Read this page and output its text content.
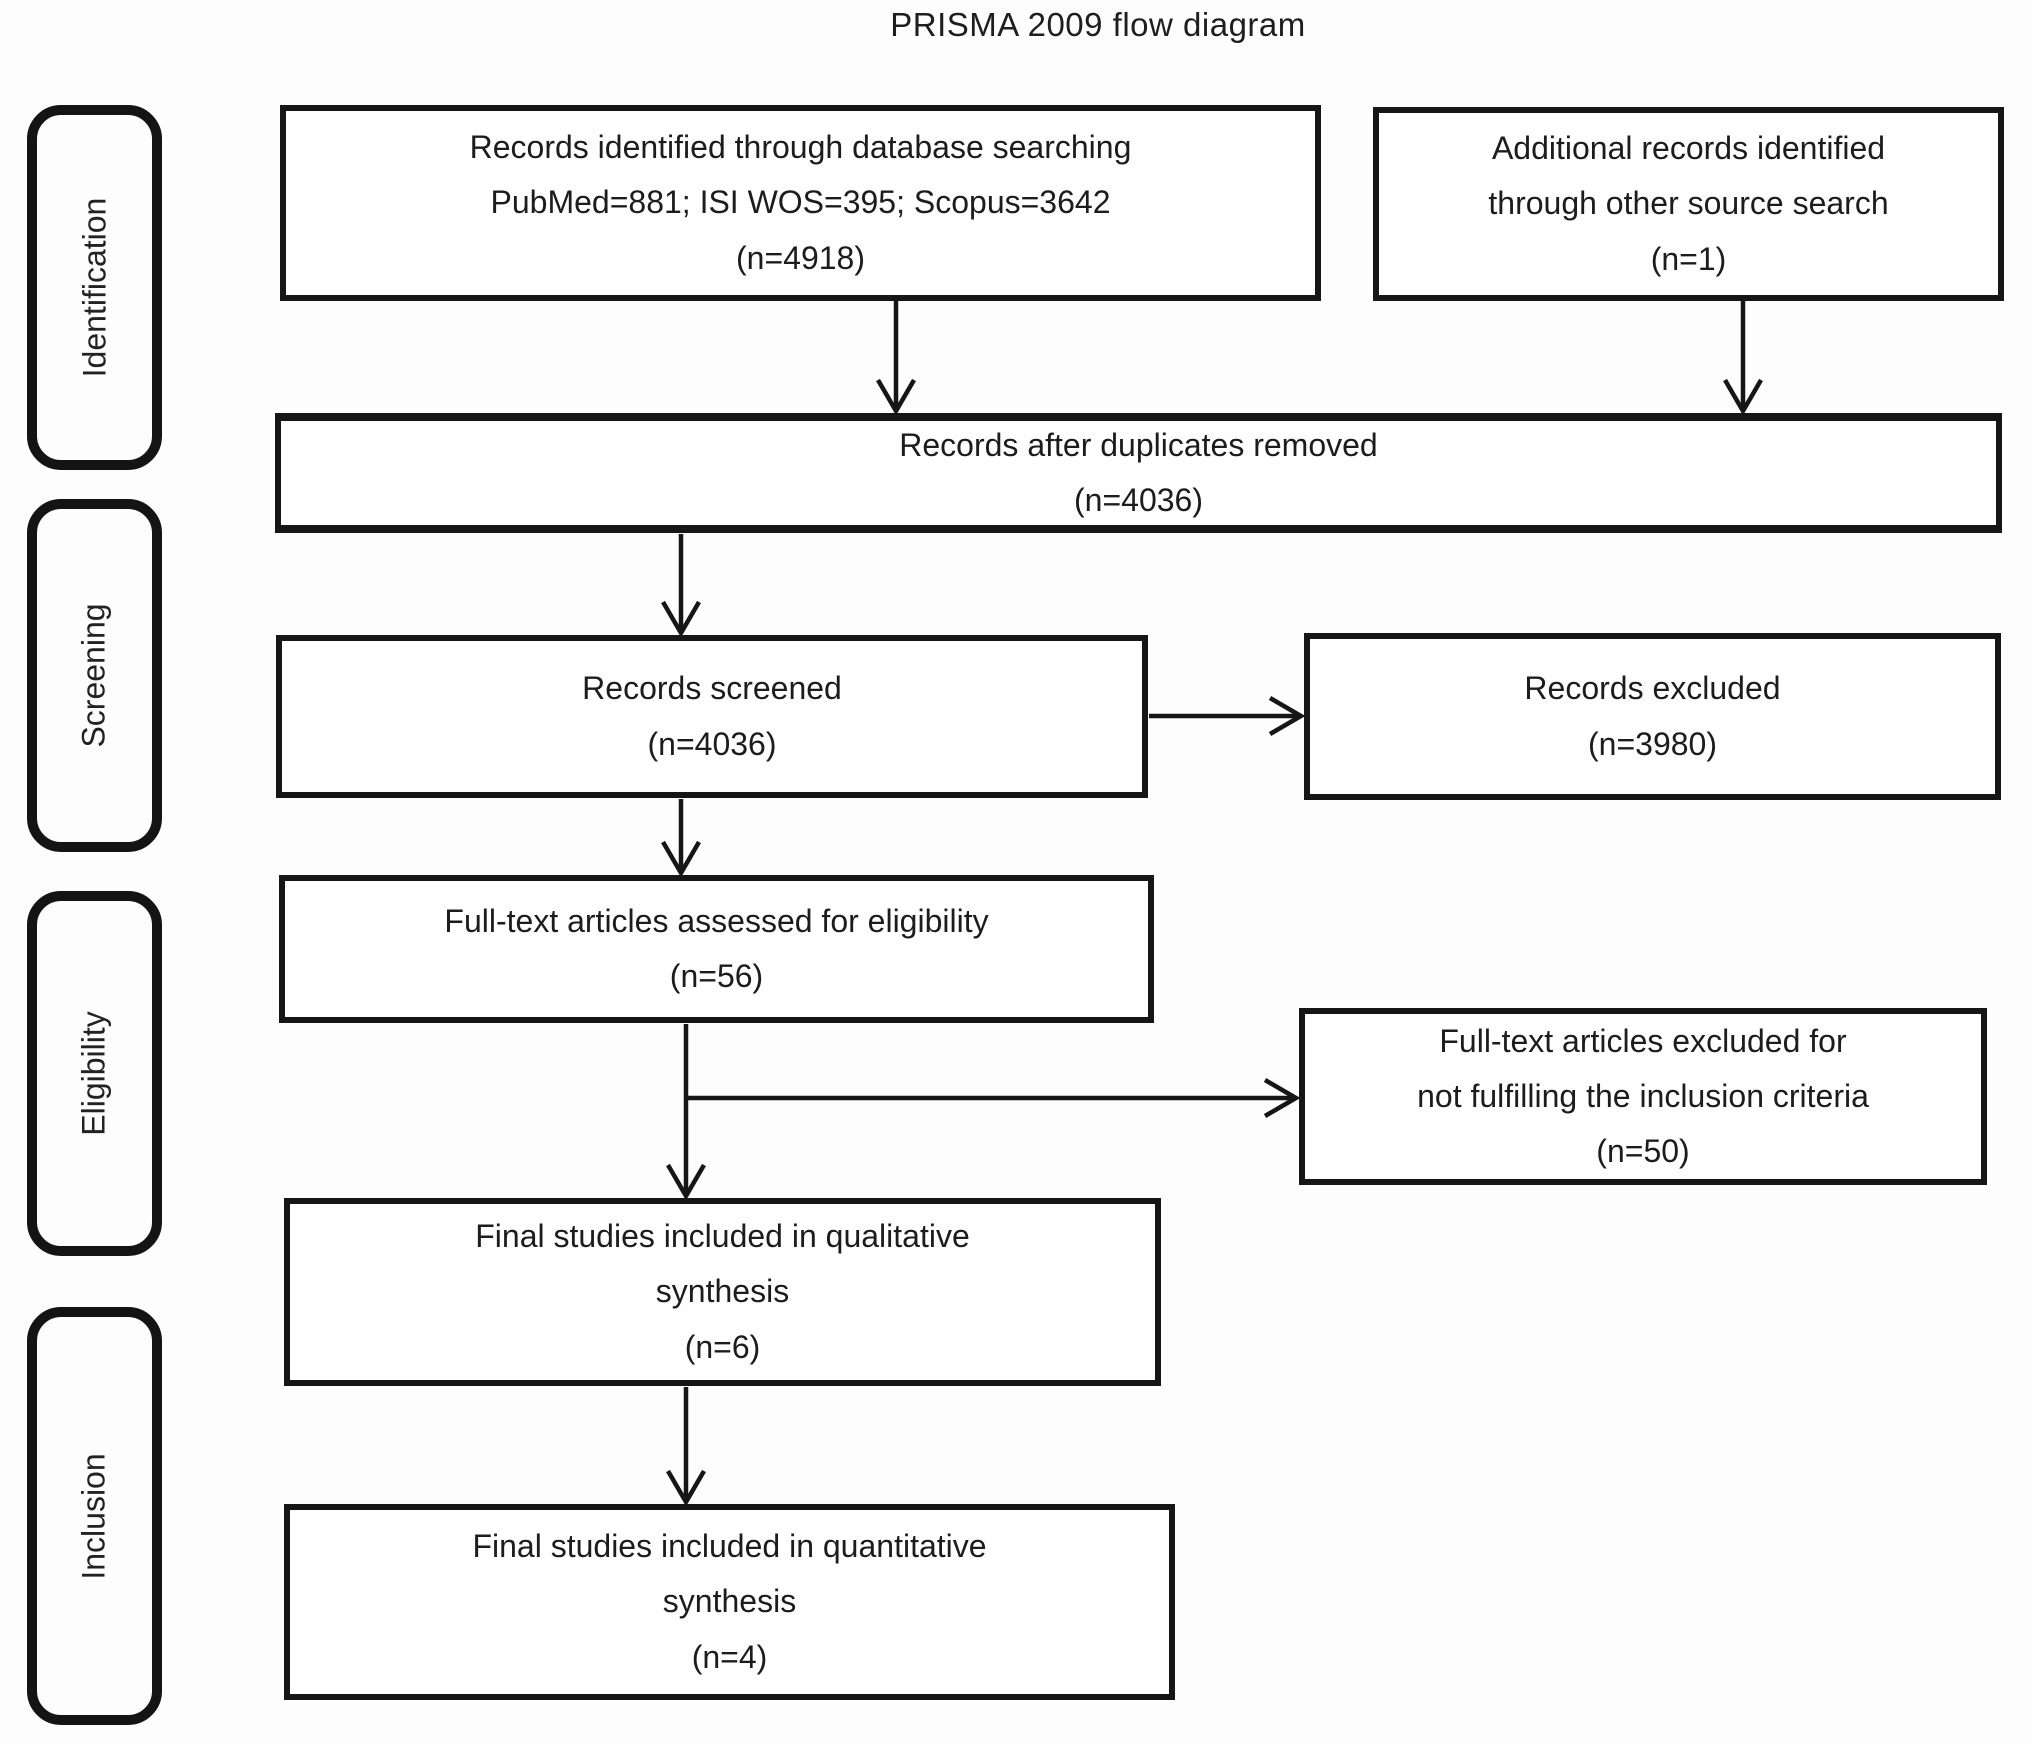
PRISMA 2009 flow diagram
Identification
Screening
Eligibility
Inclusion
Records identified through database searching
PubMed=881; ISI WOS=395; Scopus=3642
(n=4918)
Additional records identified
through other source search
(n=1)
Records after duplicates removed
(n=4036)
Records screened
(n=4036)
Records excluded
(n=3980)
Full-text articles assessed for eligibility
(n=56)
Full-text articles excluded for
not fulfilling the inclusion criteria
(n=50)
Final studies included in qualitative
synthesis
(n=6)
Final studies included in quantitative
synthesis
(n=4)
